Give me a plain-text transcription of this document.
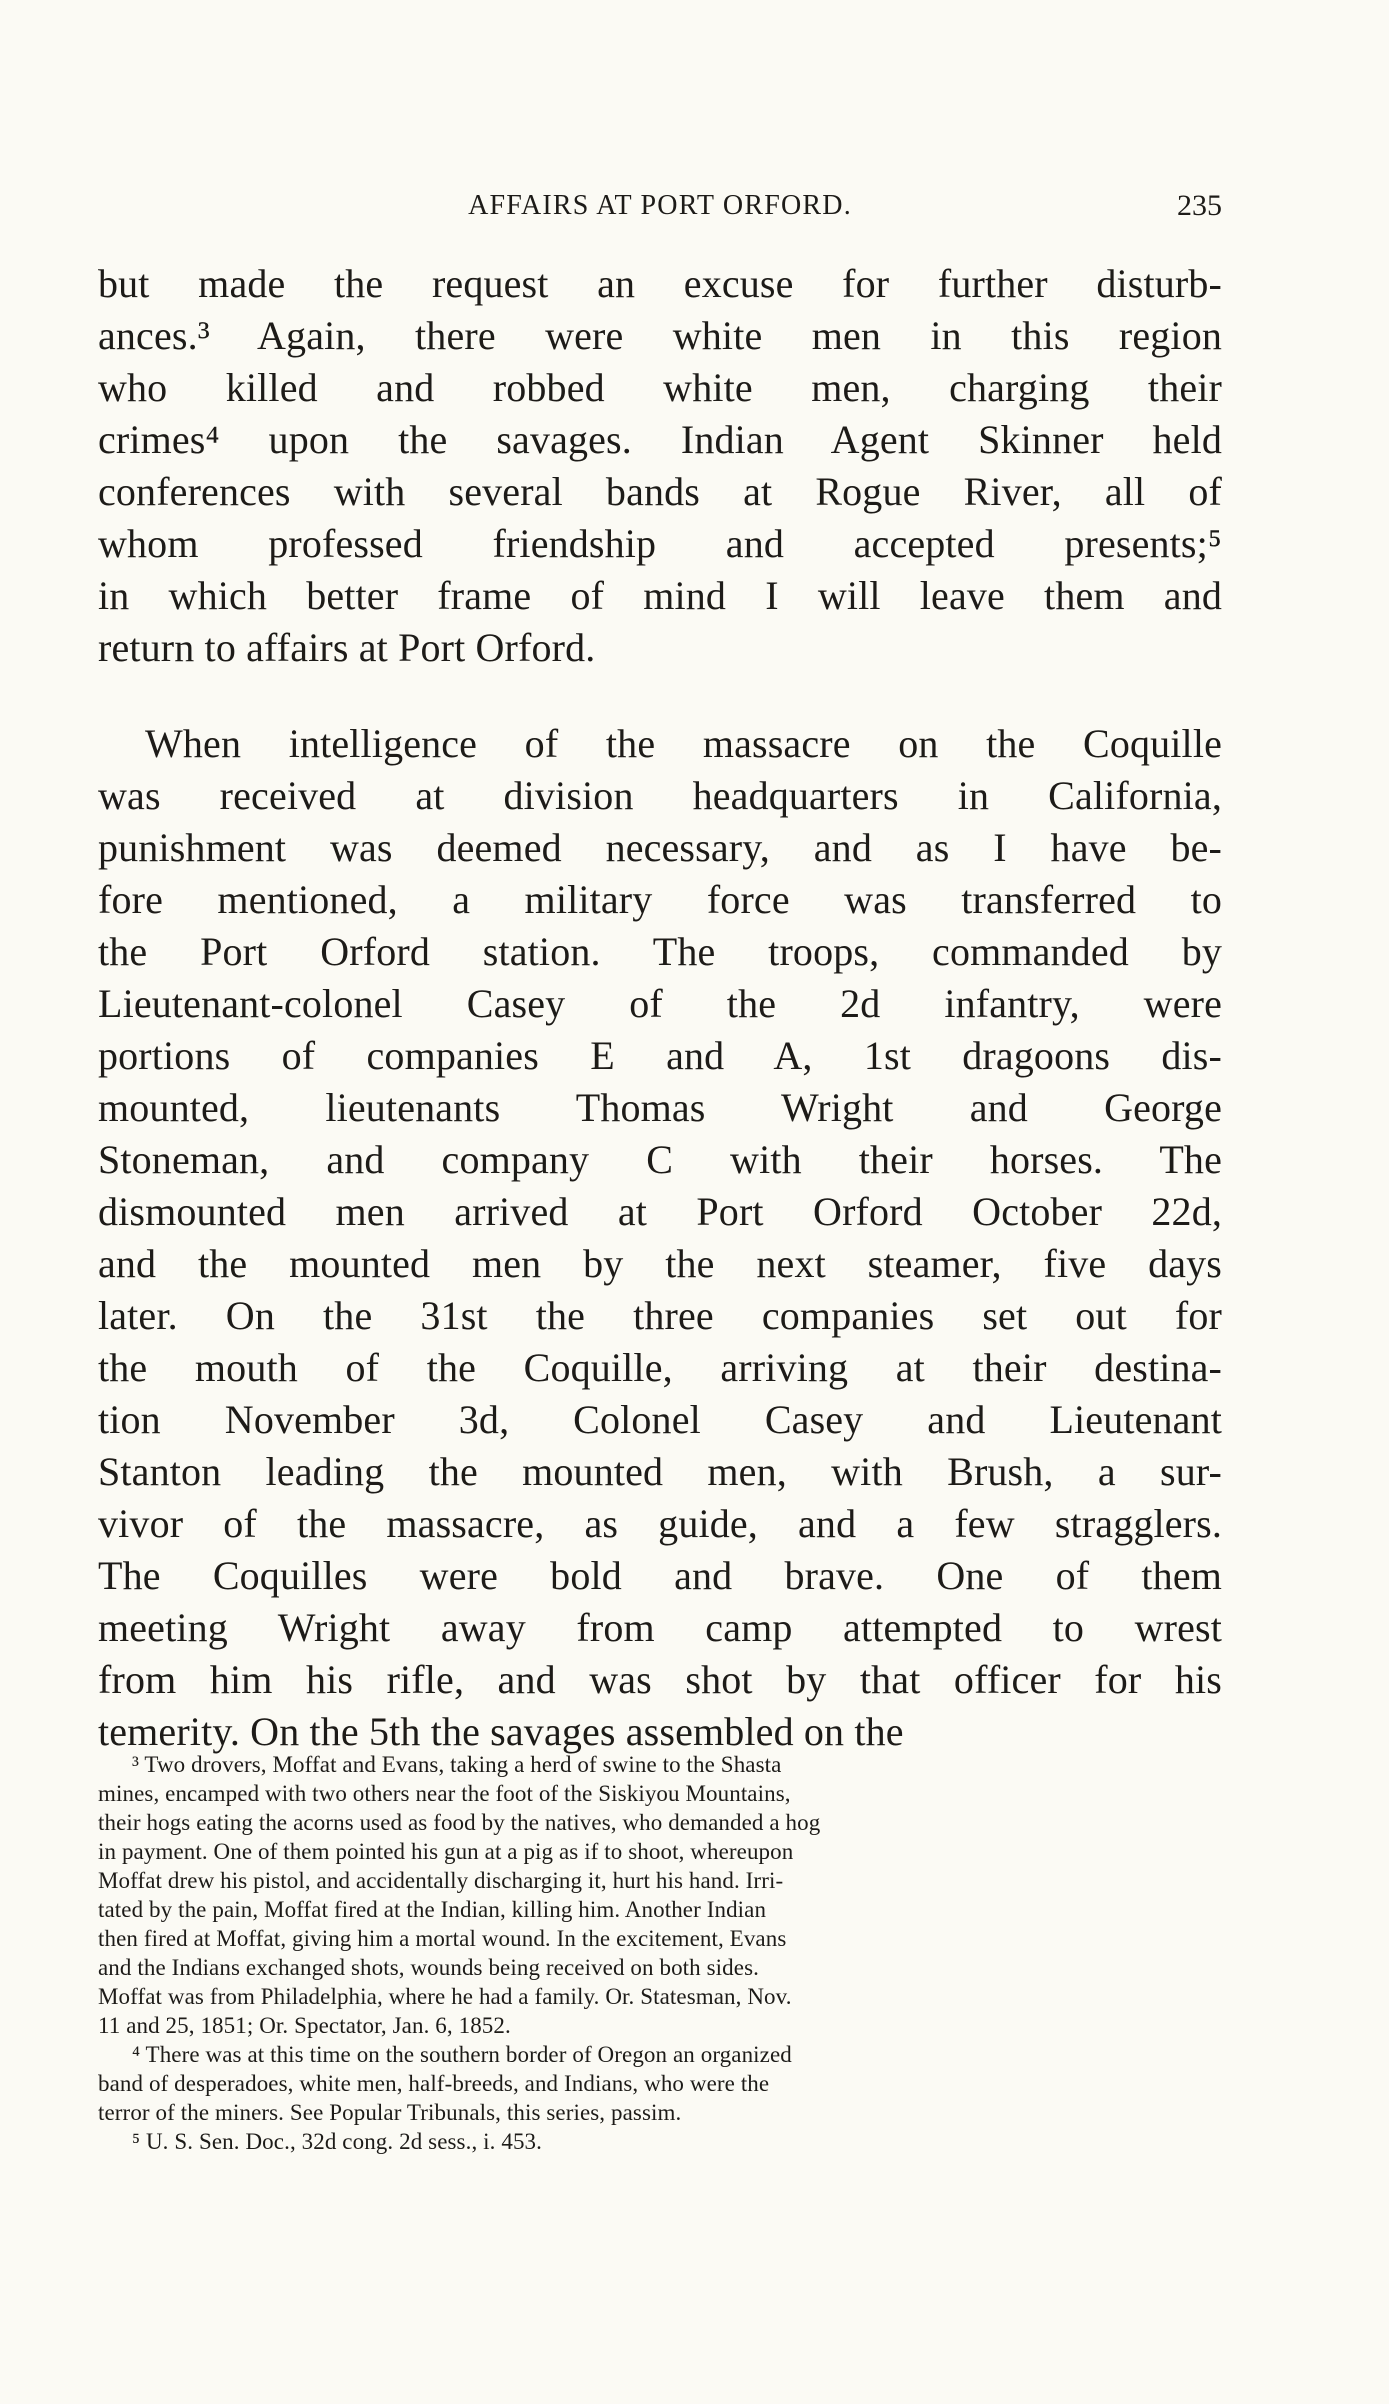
AFFAIRS AT PORT ORFORD.	235
but made the request an excuse for further disturb-
ances.³ Again, there were white men in this region
who killed and robbed white men, charging their
crimes⁴ upon the savages. Indian Agent Skinner held
conferences with several bands at Rogue River, all of
whom professed friendship and accepted presents;⁵
in which better frame of mind I will leave them and
return to affairs at Port Orford.
When intelligence of the massacre on the Coquille
was received at division headquarters in California,
punishment was deemed necessary, and as I have be-
fore mentioned, a military force was transferred to
the Port Orford station. The troops, commanded by
Lieutenant-colonel Casey of the 2d infantry, were
portions of companies E and A, 1st dragoons dis-
mounted, lieutenants Thomas Wright and George
Stoneman, and company C with their horses. The
dismounted men arrived at Port Orford October 22d,
and the mounted men by the next steamer, five days
later. On the 31st the three companies set out for
the mouth of the Coquille, arriving at their destina-
tion November 3d, Colonel Casey and Lieutenant
Stanton leading the mounted men, with Brush, a sur-
vivor of the massacre, as guide, and a few stragglers.
The Coquilles were bold and brave. One of them
meeting Wright away from camp attempted to wrest
from him his rifle, and was shot by that officer for his
temerity. On the 5th the savages assembled on the
³ Two drovers, Moffat and Evans, taking a herd of swine to the Shasta
mines, encamped with two others near the foot of the Siskiyou Mountains,
their hogs eating the acorns used as food by the natives, who demanded a hog
in payment. One of them pointed his gun at a pig as if to shoot, whereupon
Moffat drew his pistol, and accidentally discharging it, hurt his hand. Irri-
tated by the pain, Moffat fired at the Indian, killing him. Another Indian
then fired at Moffat, giving him a mortal wound. In the excitement, Evans
and the Indians exchanged shots, wounds being received on both sides.
Moffat was from Philadelphia, where he had a family. Or. Statesman, Nov.
11 and 25, 1851; Or. Spectator, Jan. 6, 1852.
⁴ There was at this time on the southern border of Oregon an organized
band of desperadoes, white men, half-breeds, and Indians, who were the
terror of the miners. See Popular Tribunals, this series, passim.
⁵ U. S. Sen. Doc., 32d cong. 2d sess., i. 453.
